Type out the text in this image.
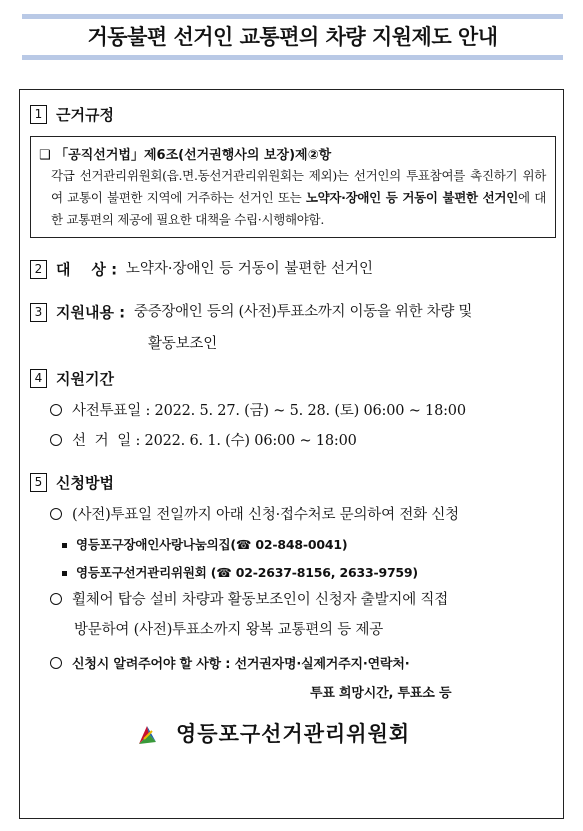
거동불편 선거인 교통편의 차량 지원제도 안내
1 근거규정
❑ 「공직선거법」제6조(선거권행사의 보장)제②항
각급 선거관리위원회(읍.면.동선거관리위원회는 제외)는 선거인의 투표참여를 촉진하기 위하여 교통이 불편한 지역에 거주하는 선거인 또는 노약자·장애인 등 거동이 불편한 선거인에 대한 교통편의 제공에 필요한 대책을 수립·시행해야함.
2 대    상 : 노약자·장애인 등 거동이 불편한 선거인
3 지원내용 : 중증장애인 등의 (사전)투표소까지 이동을 위한 차량 및
활동보조인
4 지원기간
사전투표일 : 2022. 5. 27. (금) ~ 5. 28. (토) 06:00 ~ 18:00
선  거  일 : 2022. 6. 1. (수) 06:00 ~ 18:00
5 신청방법
(사전)투표일 전일까지 아래 신청·접수처로 문의하여 전화 신청
영등포구장애인사랑나눔의집(☎ 02-848-0041)
영등포구선거관리위원회 (☎ 02-2637-8156, 2633-9759)
휠체어 탑승 설비 차량과 활동보조인이 신청자 출발지에 직접
방문하여 (사전)투표소까지 왕복 교통편의 등 제공
신청시 알려주어야 할 사항 : 선거권자명·실제거주지·연락처·
투표 희망시간, 투표소 등
영등포구선거관리위원회
